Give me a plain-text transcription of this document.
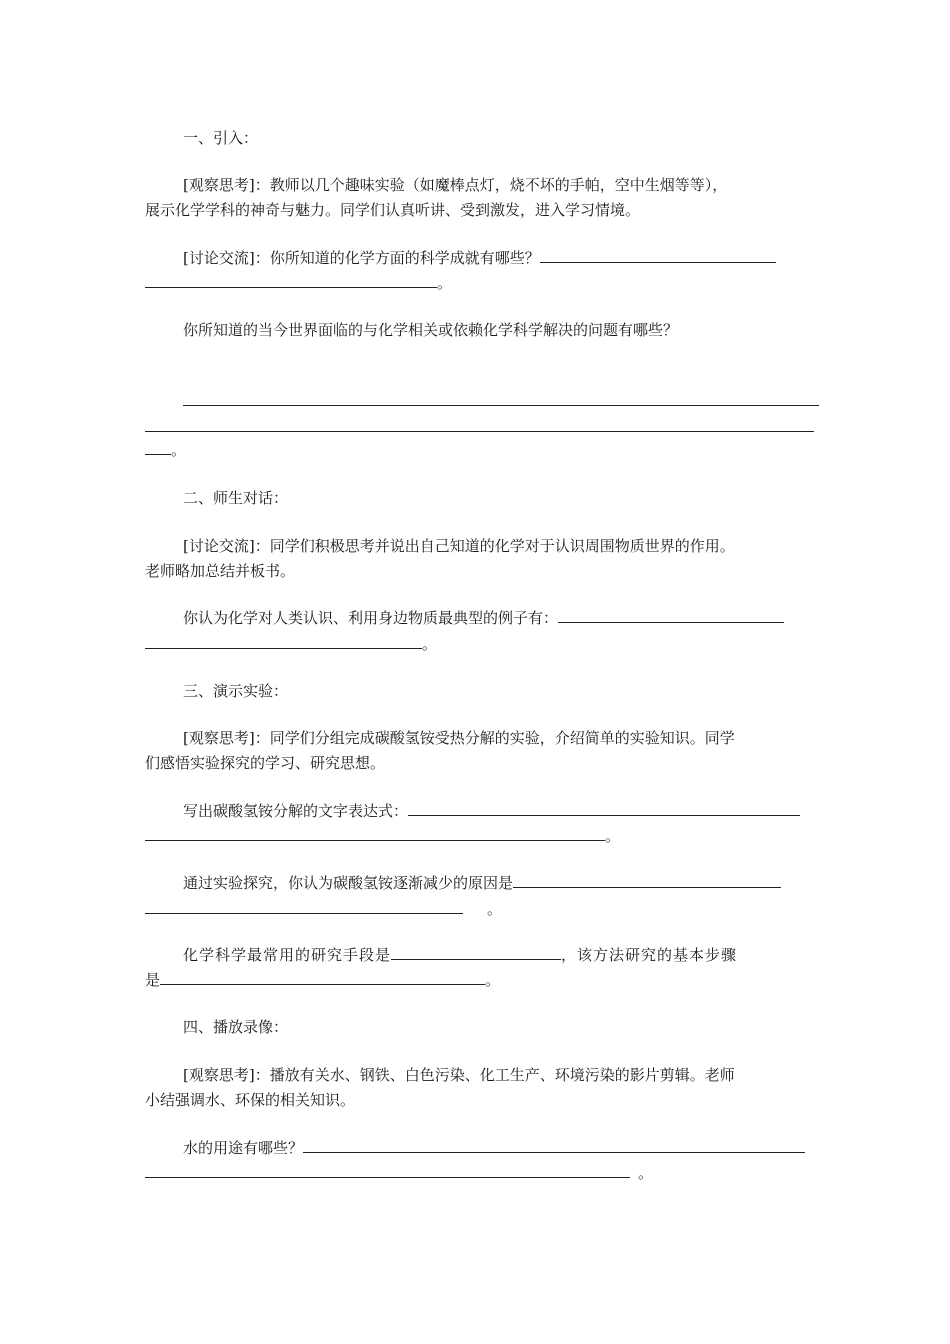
一、引入：
[观察思考]：教师以几个趣味实验（如魔棒点灯，烧不坏的手帕，空中生烟等等），
展示化学学科的神奇与魅力。同学们认真听讲、受到激发，进入学习情境。
[讨论交流]：你所知道的化学方面的科学成就有哪些？
。
你所知道的当今世界面临的与化学相关或依赖化学科学解决的问题有哪些？
。
二、师生对话：
[讨论交流]：同学们积极思考并说出自己知道的化学对于认识周围物质世界的作用。
老师略加总结并板书。
你认为化学对人类认识、利用身边物质最典型的例子有：
。
三、演示实验：
[观察思考]：同学们分组完成碳酸氢铵受热分解的实验，介绍简单的实验知识。同学
们感悟实验探究的学习、研究思想。
写出碳酸氢铵分解的文字表达式：
。
通过实验探究，你认为碳酸氢铵逐渐减少的原因是
。
化学科学最常用的研究手段是	，该方法研究的基本步骤
是	。
四、播放录像：
[观察思考]：播放有关水、钢铁、白色污染、化工生产、环境污染的影片剪辑。老师
小结强调水、环保的相关知识。
水的用途有哪些？
。
